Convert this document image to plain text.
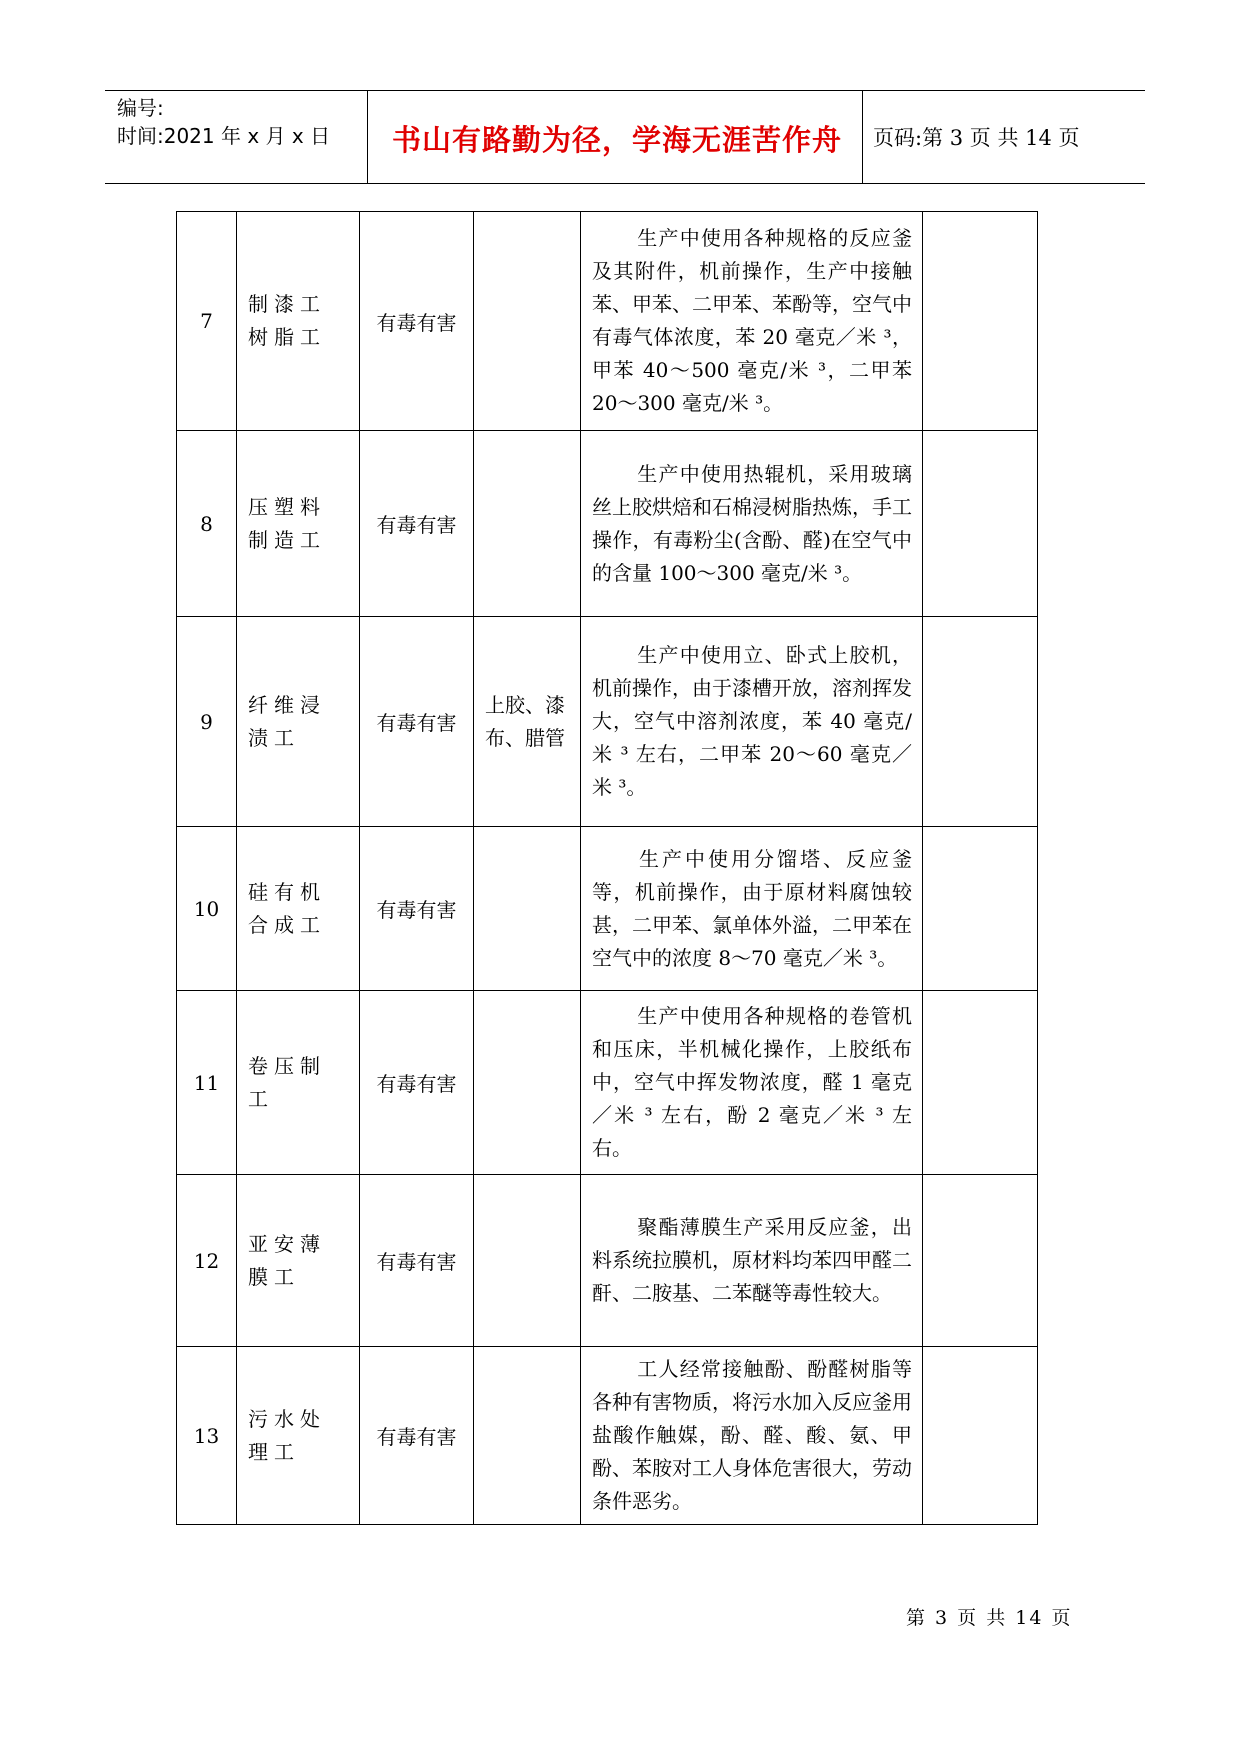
编号:
时间:2021 年 x 月 x 日	书山有路勤为径，学海无涯苦作舟	页码:第 3 页 共 14 页
7	制漆工树脂工	有毒有害		生产中使用各种规格的反应釜及其附件，机前操作，生产中接触苯、甲苯、二甲苯、苯酚等，空气中有毒气体浓度，苯 20 毫克／米 ³，甲苯 40～500 毫克/米 ³，二甲苯 20～300 毫克/米 ³。	
8	压塑料制造工	有毒有害		生产中使用热辊机，采用玻璃丝上胶烘焙和石棉浸树脂热炼，手工操作，有毒粉尘(含酚、醛)在空气中的含量 100～300 毫克/米 ³。	
9	纤维浸渍工	有毒有害	上胶、漆布、腊管	生产中使用立、卧式上胶机，机前操作，由于漆槽开放，溶剂挥发大，空气中溶剂浓度，苯 40 毫克/米 ³ 左右，二甲苯 20～60 毫克／米 ³。	
10	硅有机合成工	有毒有害		生产中使用分馏塔、反应釜等，机前操作，由于原材料腐蚀较甚，二甲苯、氯单体外溢，二甲苯在空气中的浓度 8～70 毫克／米 ³。	
11	卷压制工	有毒有害		生产中使用各种规格的卷管机和压床，半机械化操作，上胶纸布中，空气中挥发物浓度，醛 1 毫克／米 ³ 左右，酚 2 毫克／米 ³ 左右。	
12	亚安薄膜工	有毒有害		聚酯薄膜生产采用反应釜，出料系统拉膜机，原材料均苯四甲醛二酐、二胺基、二苯醚等毒性较大。	
13	污水处理工	有毒有害		工人经常接触酚、酚醛树脂等各种有害物质，将污水加入反应釜用盐酸作触媒，酚、醛、酸、氨、甲酚、苯胺对工人身体危害很大，劳动条件恶劣。	
第 3 页 共 14 页
